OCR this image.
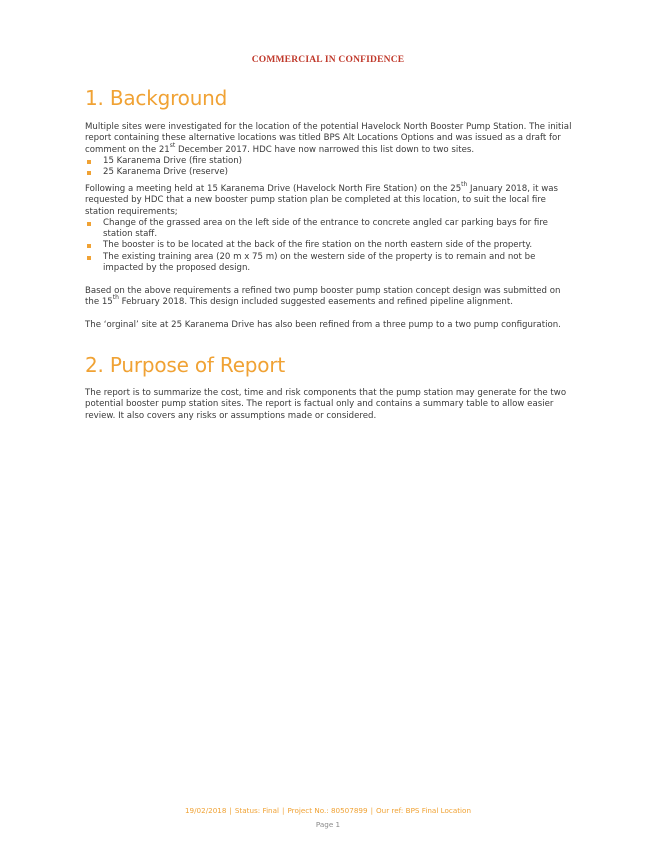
COMMERCIAL IN CONFIDENCE
1. Background

Multiple sites were investigated for the location of the potential Havelock North Booster Pump Station. The initial report containing these alternative locations was titled BPS Alt Locations Options and was issued as a draft for comment on the 21st December 2017. HDC have now narrowed this list down to two sites.

15 Karanema Drive (fire station)
25 Karanema Drive (reserve)

Following a meeting held at 15 Karanema Drive (Havelock North Fire Station) on the 25th January 2018, it was requested by HDC that a new booster pump station plan be completed at this location, to suit the local fire station requirements;

Change of the grassed area on the left side of the entrance to concrete angled car parking bays for fire station staff.
The booster is to be located at the back of the fire station on the north eastern side of the property.
The existing training area (20 m x 75 m) on the western side of the property is to remain and not be impacted by the proposed design.

Based on the above requirements a refined two pump booster pump station concept design was submitted on the 15th February 2018. This design included suggested easements and refined pipeline alignment.

The ‘orginal’ site at 25 Karanema Drive has also been refined from a three pump to a two pump configuration.

2. Purpose of Report

The report is to summarize the cost, time and risk components that the pump station may generate for the two potential booster pump station sites. The report is factual only and contains a summary table to allow easier review. It also covers any risks or assumptions made or considered.

19/02/2018 | Status: Final | Project No.: 80507899 | Our ref: BPS Final Location
Page 1
